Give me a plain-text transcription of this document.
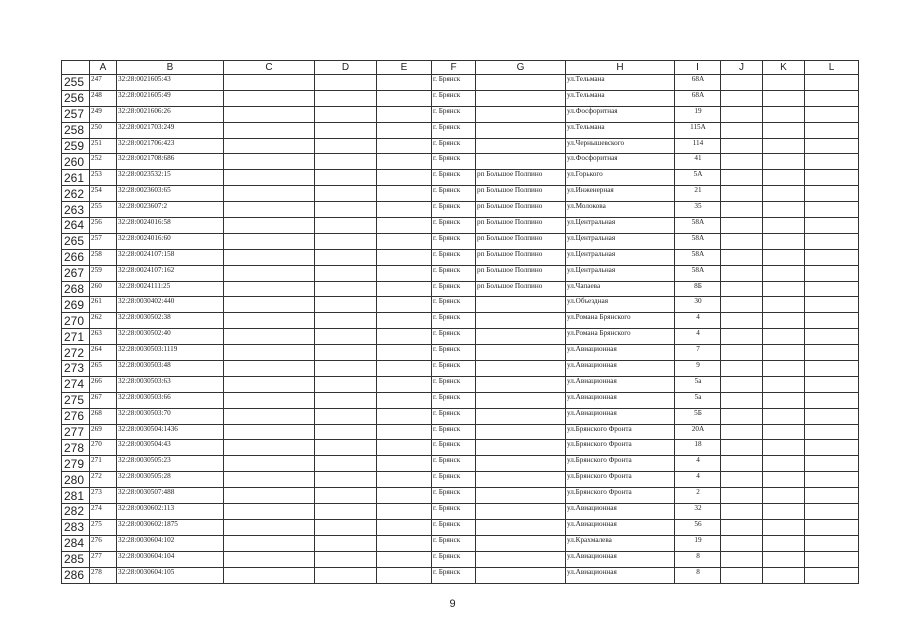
	A	B	C	D	E	F	G	H	I	J	K	L
255	247	32:28:0021605:43				г. Брянск		ул.Тельмана	68А			
256	248	32:28:0021605:49				г. Брянск		ул.Тельмана	68А			
257	249	32:28:0021606:26				г. Брянск		ул.Фосфоритная	19			
258	250	32:28:0021703:249				г. Брянск		ул.Тельмана	115А			
259	251	32:28:0021706:423				г. Брянск		ул.Чернышевского	114			
260	252	32:28:0021708:686				г. Брянск		ул.Фосфоритная	41			
261	253	32:28:0023532:15				г. Брянск	рп Большое Полпино	ул.Горького	5А			
262	254	32:28:0023603:65				г. Брянск	рп Большое Полпино	ул.Инженерная	21			
263	255	32:28:0023607:2				г. Брянск	рп Большое Полпино	ул.Молокова	35			
264	256	32:28:0024016:58				г. Брянск	рп Большое Полпино	ул.Центральная	58А			
265	257	32:28:0024016:60				г. Брянск	рп Большое Полпино	ул.Центральная	58А			
266	258	32:28:0024107:158				г. Брянск	рп Большое Полпино	ул.Центральная	58А			
267	259	32:28:0024107:162				г. Брянск	рп Большое Полпино	ул.Центральная	58А			
268	260	32:28:0024111:25				г. Брянск	рп Большое Полпино	ул.Чапаева	8Б			
269	261	32:28:0030402:440				г. Брянск		ул.Объездная	30			
270	262	32:28:0030502:38				г. Брянск		ул.Романа Брянского	4			
271	263	32:28:0030502:40				г. Брянск		ул.Романа Брянского	4			
272	264	32:28:0030503:1119				г. Брянск		ул.Авиационная	7			
273	265	32:28:0030503:48				г. Брянск		ул.Авиационная	9			
274	266	32:28:0030503:63				г. Брянск		ул.Авиационная	5а			
275	267	32:28:0030503:66				г. Брянск		ул.Авиационная	5а			
276	268	32:28:0030503:70				г. Брянск		ул.Авиационная	5Б			
277	269	32:28:0030504:1436				г. Брянск		ул.Брянского Фронта	20А			
278	270	32:28:0030504:43				г. Брянск		ул.Брянского Фронта	18			
279	271	32:28:0030505:23				г. Брянск		ул.Брянского Фронта	4			
280	272	32:28:0030505:28				г. Брянск		ул.Брянского Фронта	4			
281	273	32:28:0030507:488				г. Брянск		ул.Брянского Фронта	2			
282	274	32:28:0030602:113				г. Брянск		ул.Авиационная	32			
283	275	32:28:0030602:1875				г. Брянск		ул.Авиационная	56			
284	276	32:28:0030604:102				г. Брянск		ул.Крахмалева	19			
285	277	32:28:0030604:104				г. Брянск		ул.Авиационная	8			
286	278	32:28:0030604:105				г. Брянск		ул.Авиационная	8			
9
